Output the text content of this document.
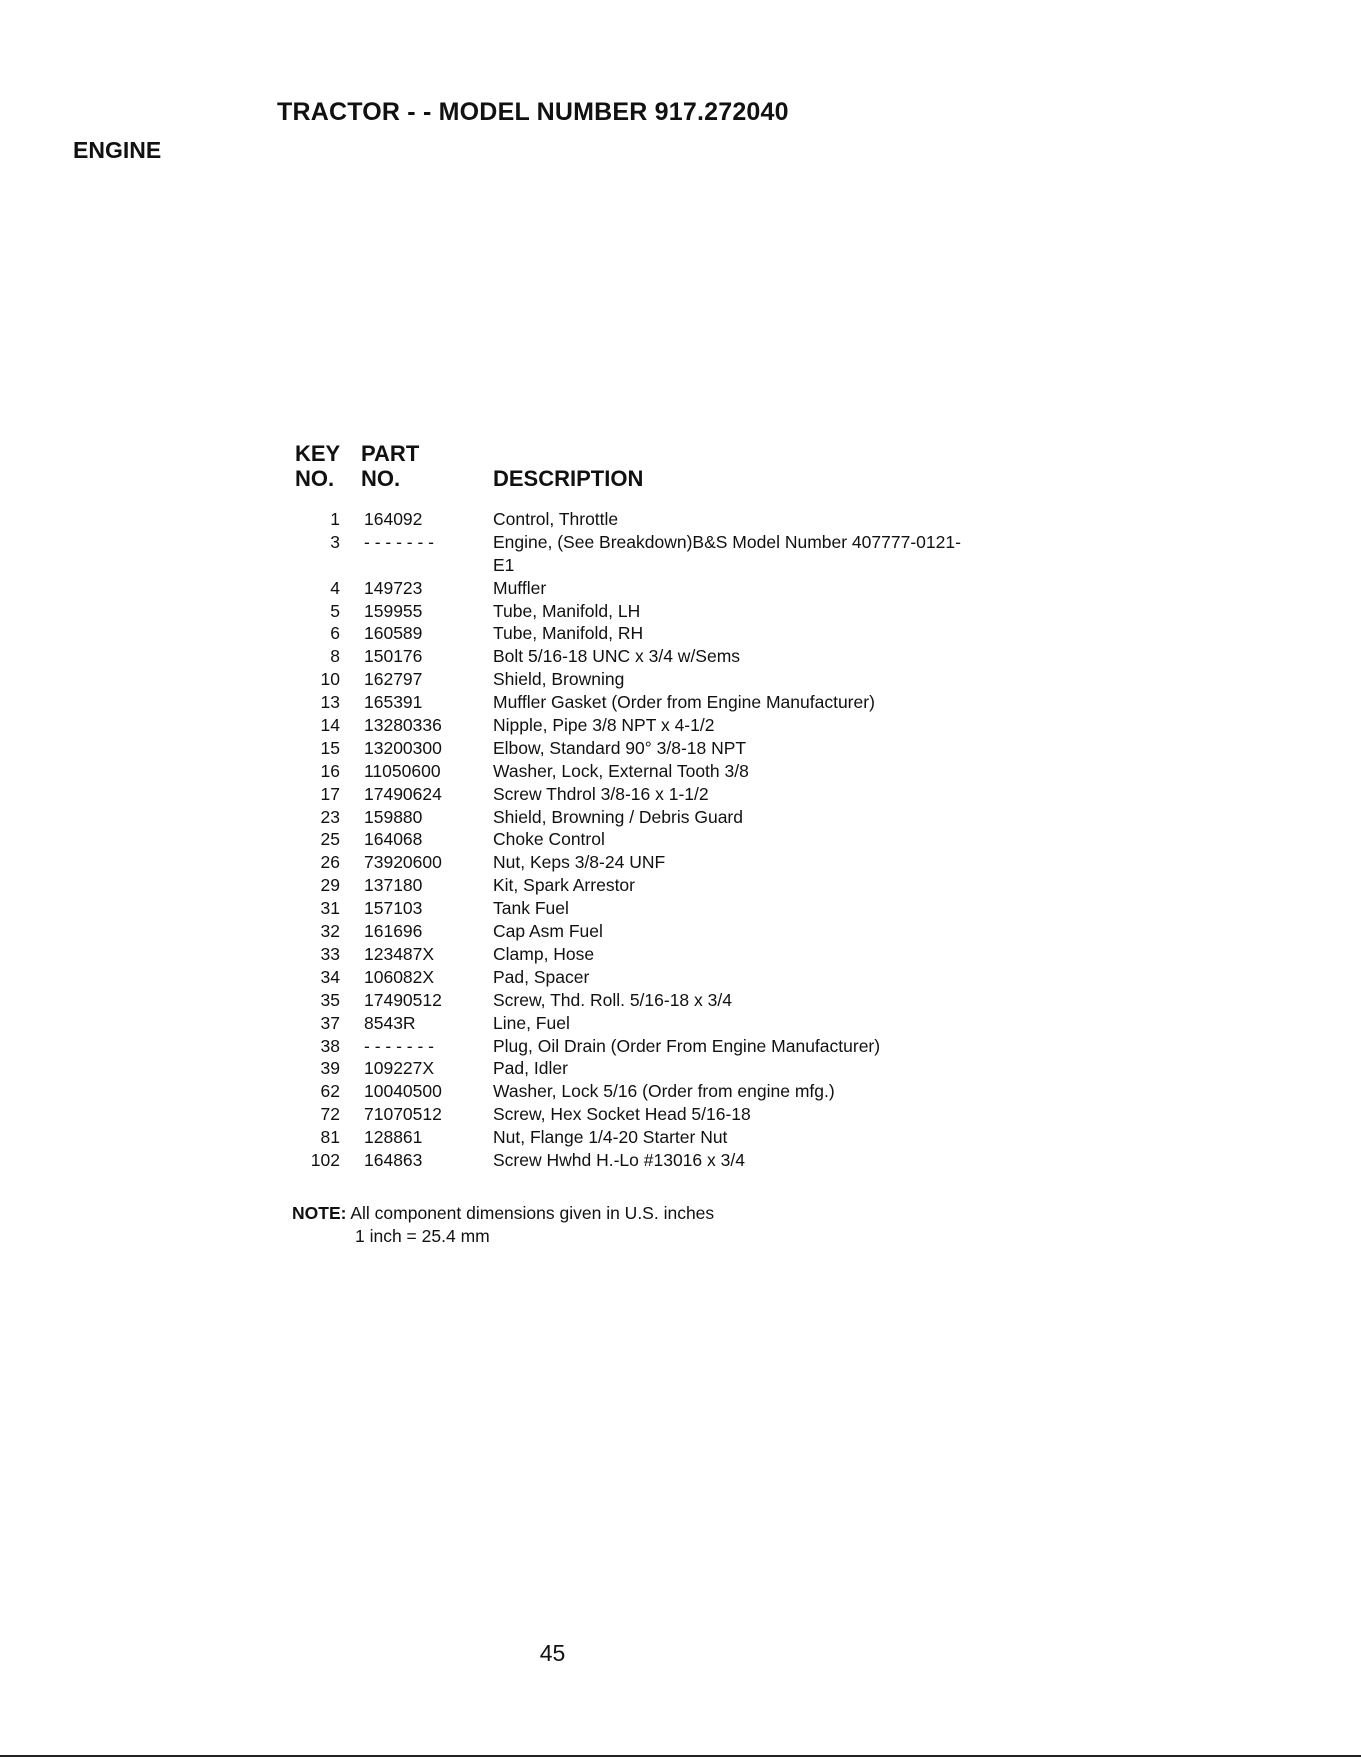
TRACTOR - - MODEL NUMBER 917.272040
ENGINE
KEY
NO.
PART
NO.	DESCRIPTION
1 164092	Control, Throttle
3 - - - - - - -	Engine, (See Breakdown)B&S Model Number 407777-0121-E1
4 149723	Muffler
5 159955	Tube, Manifold, LH
6 160589	Tube, Manifold, RH
8 150176	Bolt 5/16-18 UNC x 3/4 w/Sems
10 162797	Shield, Browning
13 165391	Muffler Gasket (Order from Engine Manufacturer)
14 13280336	Nipple, Pipe 3/8 NPT x 4-1/2
15 13200300	Elbow, Standard 90° 3/8-18 NPT
16 11050600	Washer, Lock, External Tooth 3/8
17 17490624	Screw Thdrol 3/8-16 x 1-1/2
23 159880	Shield, Browning / Debris Guard
25 164068	Choke Control
26 73920600	Nut, Keps 3/8-24 UNF
29 137180	Kit, Spark Arrestor
31 157103	Tank Fuel
32 161696	Cap Asm Fuel
33 123487X	Clamp, Hose
34 106082X	Pad, Spacer
35 17490512	Screw, Thd. Roll. 5/16-18 x 3/4
37 8543R	Line, Fuel
38 - - - - - - -	Plug, Oil Drain (Order From Engine Manufacturer)
39 109227X	Pad, Idler
62 10040500	Washer, Lock 5/16 (Order from engine mfg.)
72 71070512	Screw, Hex Socket Head 5/16-18
81 128861	Nut, Flange 1/4-20 Starter Nut
102 164863	Screw Hwhd H.-Lo #13016 x 3/4
NOTE: All component dimensions given in U.S. inches
1 inch = 25.4 mm
45
